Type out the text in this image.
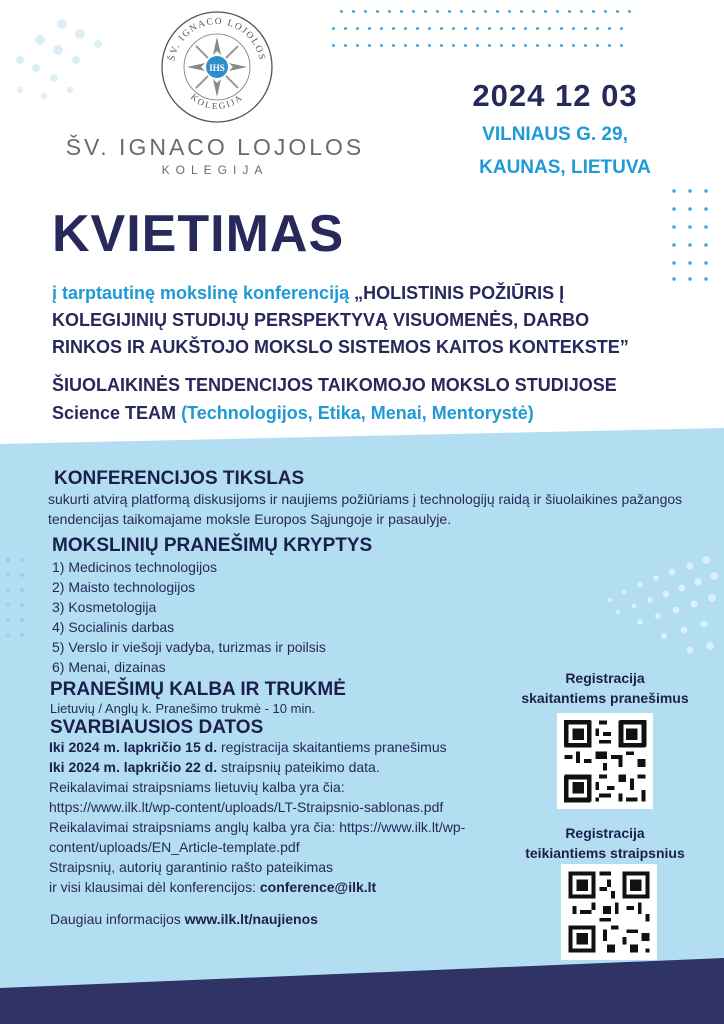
ŠV. IGNACO LOJOLOS
KOLEGIJA
IHS
ŠV. IGNACO LOJOLOS
KOLEGIJA
2024 12 03
VILNIAUS G. 29,
KAUNAS, LIETUVA
KVIETIMAS
į tarptautinę mokslinę konferenciją „HOLISTINIS POŽIŪRIS Į
KOLEGIJINIŲ STUDIJŲ PERSPEKTYVĄ VISUOMENĖS, DARBO
RINKOS IR AUKŠTOJO MOKSLO SISTEMOS KAITOS KONTEKSTE”
ŠIUOLAIKINĖS TENDENCIJOS TAIKOMOJO MOKSLO STUDIJOSE
Science TEAM (Technologijos, Etika, Menai, Mentorystė)
KONFERENCIJOS TIKSLAS
sukurti atvirą platformą diskusijoms ir naujiems požiūriams į technologijų raidą ir šiuolaikines pažangos tendencijas taikomajame moksle Europos Sąjungoje ir pasaulyje.
MOKSLINIŲ PRANEŠIMŲ KRYPTYS
1) Medicinos technologijos
2) Maisto technologijos
3) Kosmetologija
4) Socialinis darbas
5) Verslo ir viešoji vadyba, turizmas ir poilsis
6) Menai, dizainas
PRANEŠIMŲ KALBA IR TRUKMĖ
Lietuvių / Anglų k. Pranešimo trukmė - 10 min.
SVARBIAUSIOS DATOS
Iki 2024 m. lapkričio 15 d. registracija skaitantiems pranešimus
Iki 2024 m. lapkričio 22 d. straipsnių pateikimo data.
Reikalavimai straipsniams lietuvių kalba yra čia:
https://www.ilk.lt/wp-content/uploads/LT-Straipsnio-sablonas.pdf
Reikalavimai straipsniams anglų kalba yra čia: https://www.ilk.lt/wp-
content/uploads/EN_Article-template.pdf
Straipsnių, autorių garantinio rašto pateikimas
ir visi klausimai dėl konferencijos: conference@ilk.lt
Daugiau informacijos www.ilk.lt/naujienos
Registracija
skaitantiems pranešimus
Registracija
teikiantiems straipsnius
